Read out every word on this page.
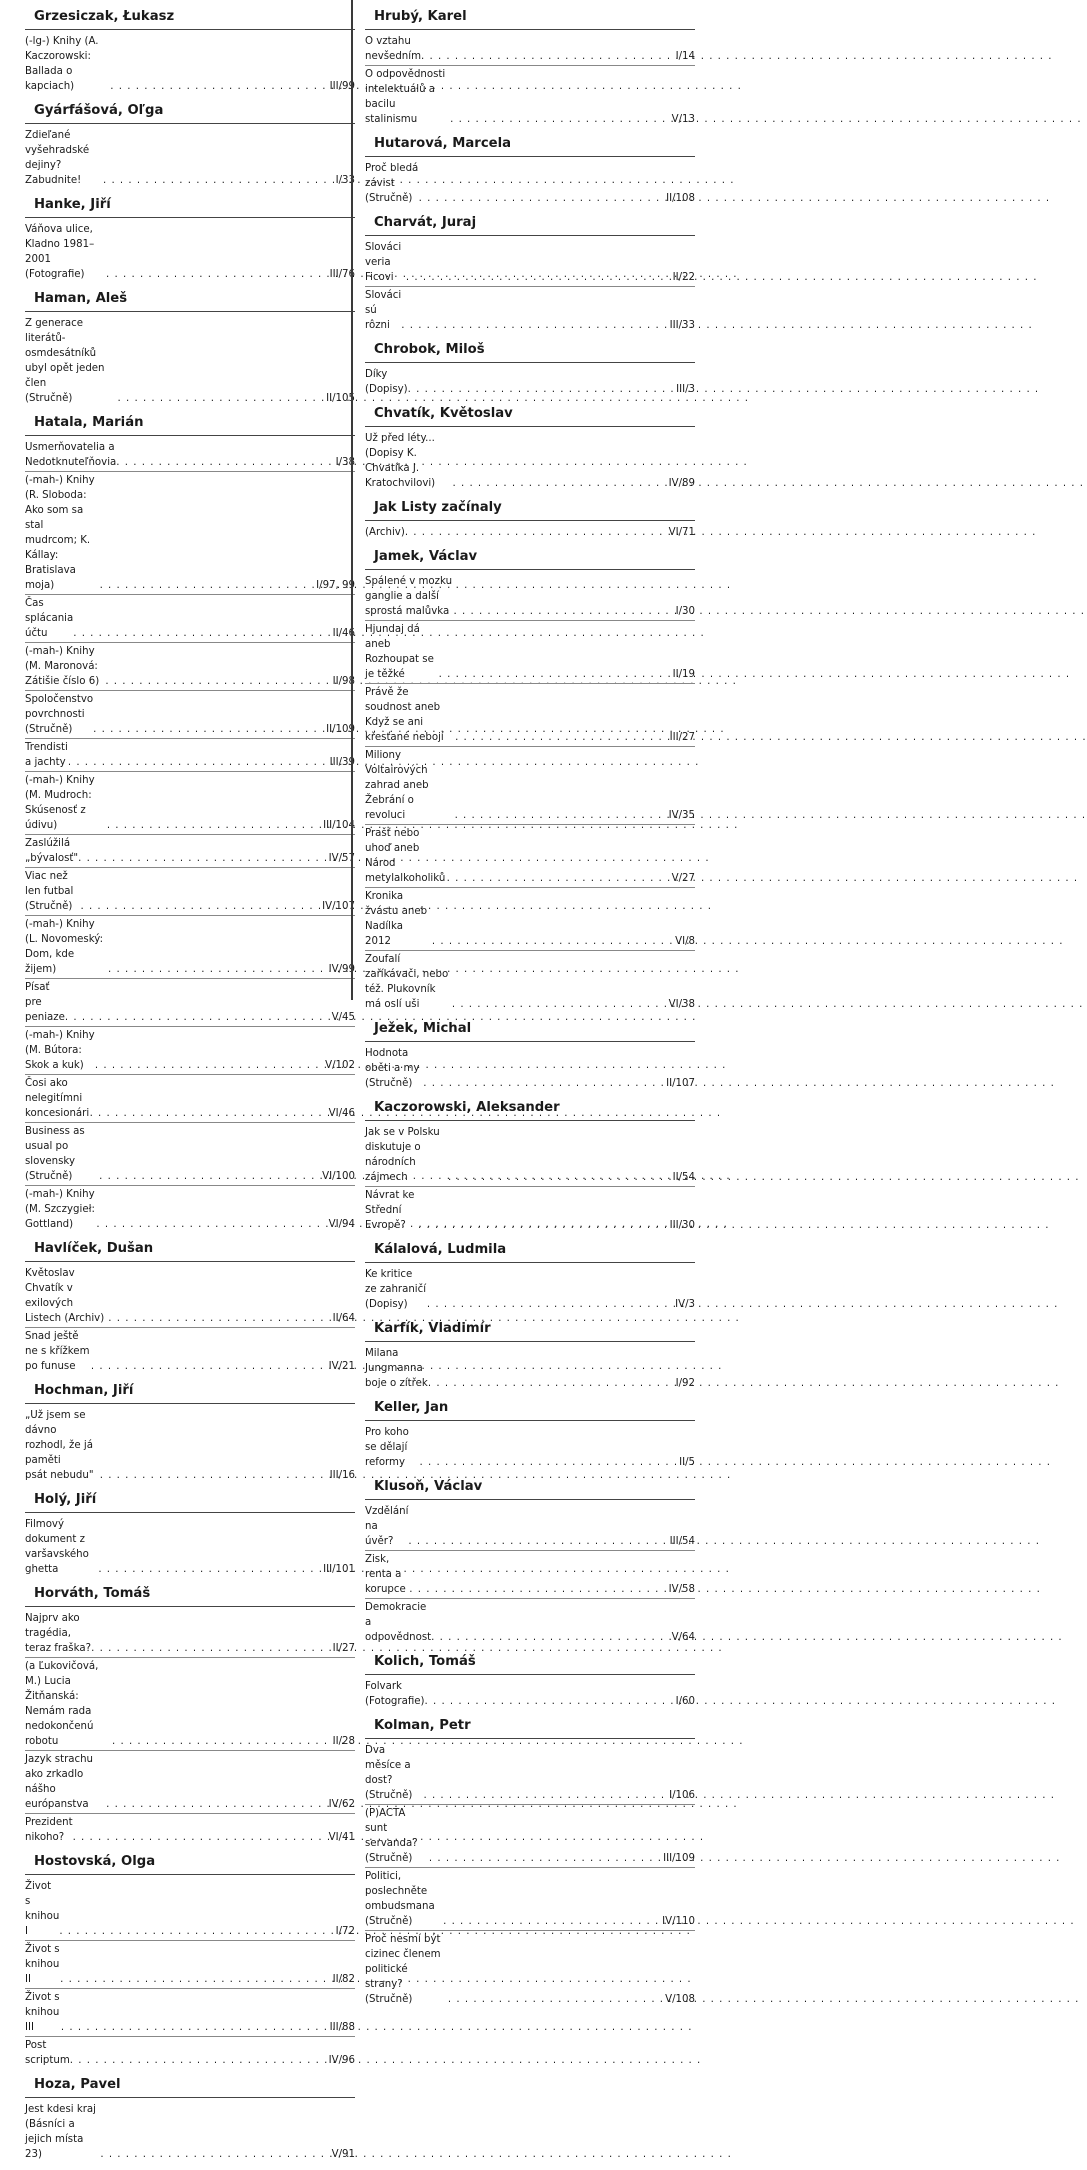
Grzesiczak, Łukasz
(-lg-) Knihy (A. Kaczorowski: Ballada o kapciach) . . .	III/99
Gyárfášová, Oľga
Zdieľané vyšehradské dejiny? Zabudnite! . . .	I/33
Hanke, Jiří
Váňova ulice, Kladno 1981–2001 (Fotografie) . . .	III/76
Haman, Aleš
Z generace literátů-osmdesátníků ubyl opět jeden člen
(Stručně) . . .	II/105
Hatala, Marián
Usmerňovatelia a Nedotknuteľňovia . . .	I/38
(-mah-) Knihy (R. Sloboda: Ako som sa stal
mudrcom; K. Kállay: Bratislava moja) . . .	I/97, 99
Čas splácania účtu . . .	II/46
(-mah-) Knihy (M. Maronová: Zátišie číslo 6) . . .	II/98
Spoločenstvo povrchnosti (Stručně) . . .	II/109
Trendisti a jachty . . .	III/39
(-mah-) Knihy (M. Mudroch: Skúsenosť z údivu) . . .	III/104
Zaslúžilá „bývalosť" . . .	IV/57
Viac než len futbal (Stručně) . . .	IV/107
(-mah-) Knihy (L. Novomeský: Dom, kde žijem) . . .	IV/99
Písať pre peniaze . . .	V/45
(-mah-) Knihy (M. Bútora: Skok a kuk) . . .	V/102
Čosi ako nelegitímni koncesionári . . .	VI/46
Business as usual po slovensky (Stručně) . . .	VI/100
(-mah-) Knihy (M. Szczygieł: Gottland) . . .	VI/94
Havlíček, Dušan
Květoslav Chvatík v exilových Listech (Archiv) . . .	II/64
Snad ještě ne s křížkem po funuse . . .	IV/21
Hochman, Jiří
„Už jsem se dávno rozhodl, že já paměti
psát nebudu" . . .	III/16
Holý, Jiří
Filmový dokument z varšavského ghetta . . .	III/101
Horváth, Tomáš
Najprv ako tragédia, teraz fraška? . . .	II/27
(a Ľukovičová, M.) Lucia Žitňanská: Nemám rada
nedokončenú robotu . . .	II/28
Jazyk strachu ako zrkadlo nášho európanstva . . .	IV/62
Prezident nikoho? . . .	VI/41
Hostovská, Olga
Život s knihou I . . .	I/72
Život s knihou II . . .	II/82
Život s knihou III . . .	III/88
Post scriptum . . .	IV/96
Hoza, Pavel
Jest kdesi kraj (Básníci a jejich místa 23) . . .	V/91
Hrubý, Karel
O vztahu nevšedním . . .	I/14
O odpovědnosti intelektuálů a bacilu stalinismu . . .	V/13
Hutarová, Marcela
Proč bledá závist (Stručně) . . .	II/108
Charvát, Juraj
Slováci veria Ficovi . . .	II/22
Slováci sú rôzni . . .	III/33
Chrobok, Miloš
Díky (Dopisy) . . .	III/3
Chvatík, Květoslav
Už před léty... (Dopisy K. Chvatíka J. Kratochvilovi) . . .	IV/89
Jak Listy začínaly
(Archiv) . . .	VI/71
Jamek, Václav
Spálené v mozku ganglie a další sprostá malůvka . . .	I/30
Hjundaj dá aneb Rozhoupat se je těžké . . .	II/19
Právě že soudnost aneb Když se ani křesťané nebojí . . .	III/27
Miliony Voltairových zahrad aneb Žebrání o revoluci . . .	IV/35
Prašť nebo uhoď aneb Národ metylalkoholiků . . .	V/27
Kronika žvástu aneb Nadílka 2012 . . .	VI/8
Zoufalí zaříkávači, nebo též. Plukovník má oslí uši . . .	VI/38
Ježek, Michal
Hodnota oběti a my (Stručně) . . .	II/107
Kaczorowski, Aleksander
Jak se v Polsku diskutuje o národních zájmech . . .	II/54
Návrat ke Střední Evropě? . . .	III/30
Kálalová, Ludmila
Ke kritice ze zahraničí (Dopisy) . . .	IV/3
Karfík, Vladimír
Milana Jungmanna boje o zítřek . . .	I/92
Keller, Jan
Pro koho se dělají reformy . . .	II/5
Klusoň, Václav
Vzdělání na úvěr? . . .	III/54
Zisk, renta a korupce . . .	IV/58
Demokracie a odpovědnost . . .	V/64
Kolich, Tomáš
Folvark (Fotografie) . . .	I/60
Kolman, Petr
Dva měsíce a dost? (Stručně) . . .	I/106
(P)ACTA sunt servanda? (Stručně) . . .	III/109
Politici, poslechněte ombudsmana (Stručně) . . .	IV/110
Proč nesmí být cizinec členem politické strany?
(Stručně) . . .	V/108
